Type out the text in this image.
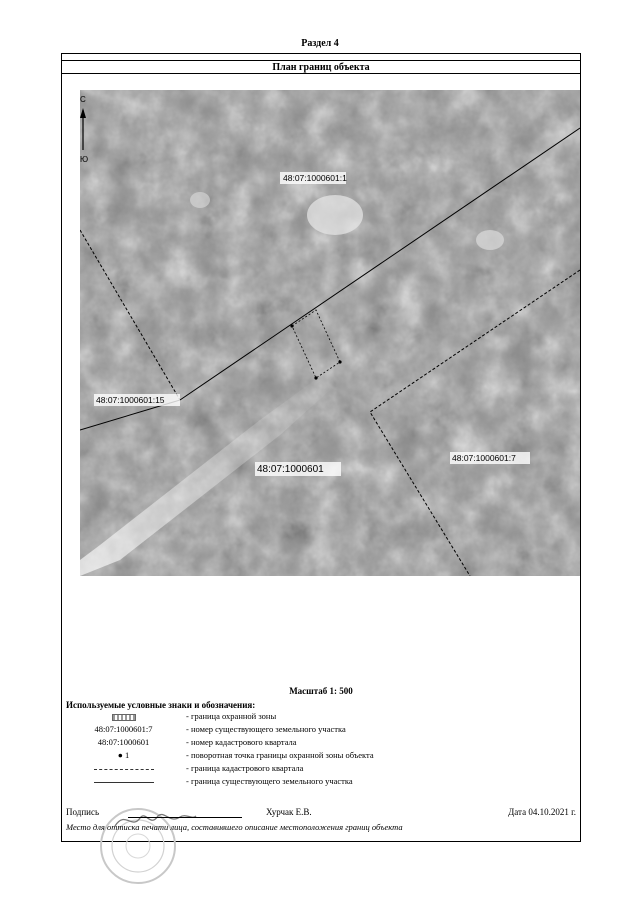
Раздел 4
План границ объекта
С
Ю
48:07:1000601:1
48:07:1000601:15
48:07:1000601
48:07:1000601:7
Масштаб 1: 500
Используемые условные знаки и обозначения:
- граница охранной зоны
48:07:1000601:7	- номер существующего земельного участка
48:07:1000601	- номер кадастрового квартала
● 1	- поворотная точка границы охранной зоны объекта
- граница кадастрового квартала
- граница существующего земельного участка
Подпись	Хурчак Е.В.	Дата 04.10.2021 г.
Место для оттиска печати лица, составившего описание местоположения границ объекта
